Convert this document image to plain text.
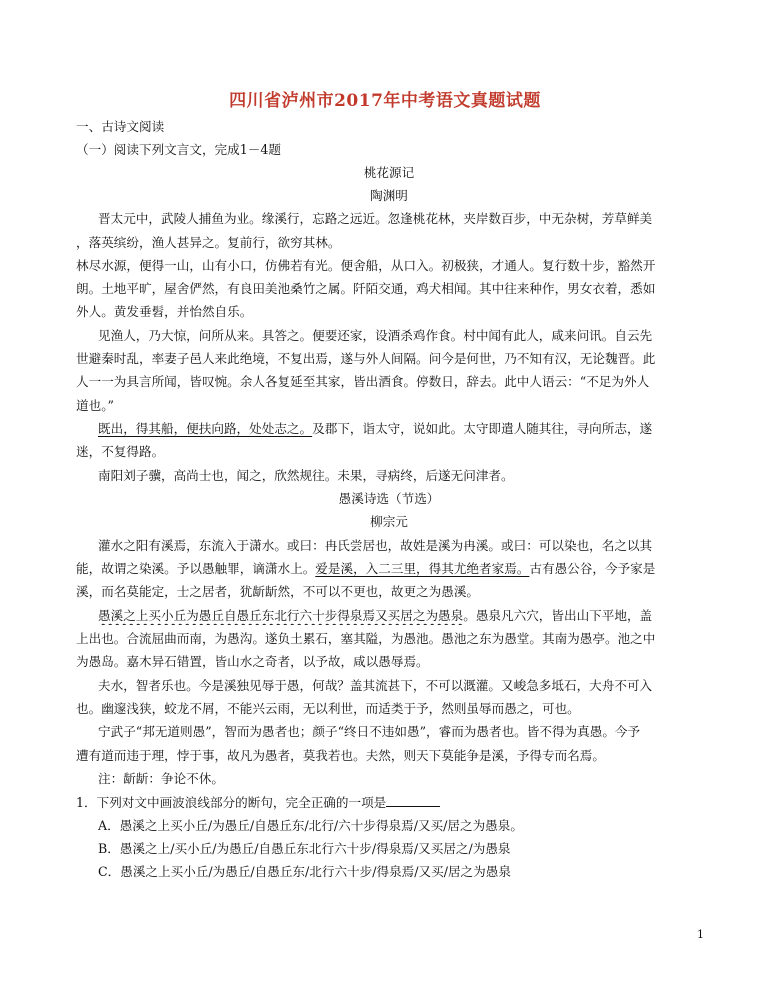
四川省泸州市2017年中考语文真题试题
一、古诗文阅读
（一）阅读下列文言文，完成1－4题
桃花源记
陶渊明
晋太元中，武陵人捕鱼为业。缘溪行，忘路之远近。忽逢桃花林，夹岸数百步，中无杂树，芳草鲜美
，落英缤纷，渔人甚异之。复前行，欲穷其林。
林尽水源，便得一山，山有小口，仿佛若有光。便舍船，从口入。初极狭，才通人。复行数十步，豁然开
朗。土地平旷，屋舍俨然，有良田美池桑竹之属。阡陌交通，鸡犬相闻。其中往来种作，男女衣着，悉如
外人。黄发垂髫，并怡然自乐。
见渔人，乃大惊，问所从来。具答之。便要还家，设酒杀鸡作食。村中闻有此人，咸来问讯。自云先
世避秦时乱，率妻子邑人来此绝境，不复出焉，遂与外人间隔。问今是何世，乃不知有汉，无论魏晋。此
人一一为具言所闻，皆叹惋。余人各复延至其家，皆出酒食。停数日，辞去。此中人语云：“不足为外人
道也。”
既出，得其船，便扶向路，处处志之。及郡下，诣太守，说如此。太守即遣人随其往，寻向所志，遂
迷，不复得路。
南阳刘子骥，高尚士也，闻之，欣然规往。未果，寻病终，后遂无问津者。
愚溪诗选（节选）
柳宗元
灌水之阳有溪焉，东流入于潇水。或曰：冉氏尝居也，故姓是溪为冉溪。或曰：可以染也，名之以其
能，故谓之染溪。予以愚触罪，谪潇水上。爱是溪，入二三里，得其尤绝者家焉。古有愚公谷，今予家是
溪，而名莫能定，士之居者，犹龂龂然，不可以不更也，故更之为愚溪。
愚溪之上买小丘为愚丘自愚丘东北行六十步得泉焉又买居之为愚泉。愚泉凡六穴，皆出山下平地，盖
上出也。合流屈曲而南，为愚沟。遂负土累石，塞其隘，为愚池。愚池之东为愚堂。其南为愚亭。池之中
为愚岛。嘉木异石错置，皆山水之奇者，以予故，咸以愚辱焉。
夫水，智者乐也。今是溪独见辱于愚，何哉？盖其流甚下，不可以溉灌。又峻急多坻石，大舟不可入
也。幽邃浅狭，蛟龙不屑，不能兴云雨，无以利世，而适类于予，然则虽辱而愚之，可也。
宁武子“邦无道则愚”，智而为愚者也；颜子“终日不违如愚”，睿而为愚者也。皆不得为真愚。今予
遭有道而违于理，悖于事，故凡为愚者，莫我若也。夫然，则天下莫能争是溪，予得专而名焉。
注：龂龂：争论不休。
1．下列对文中画波浪线部分的断句，完全正确的一项是
A．愚溪之上买小丘/为愚丘/自愚丘东/北行/六十步得泉焉/又买/居之为愚泉。
B．愚溪之上/买小丘/为愚丘/自愚丘东北行六十步/得泉焉/又买居之/为愚泉
C．愚溪之上买小丘/为愚丘/自愚丘东/北行六十步/得泉焉/又买/居之为愚泉
1
